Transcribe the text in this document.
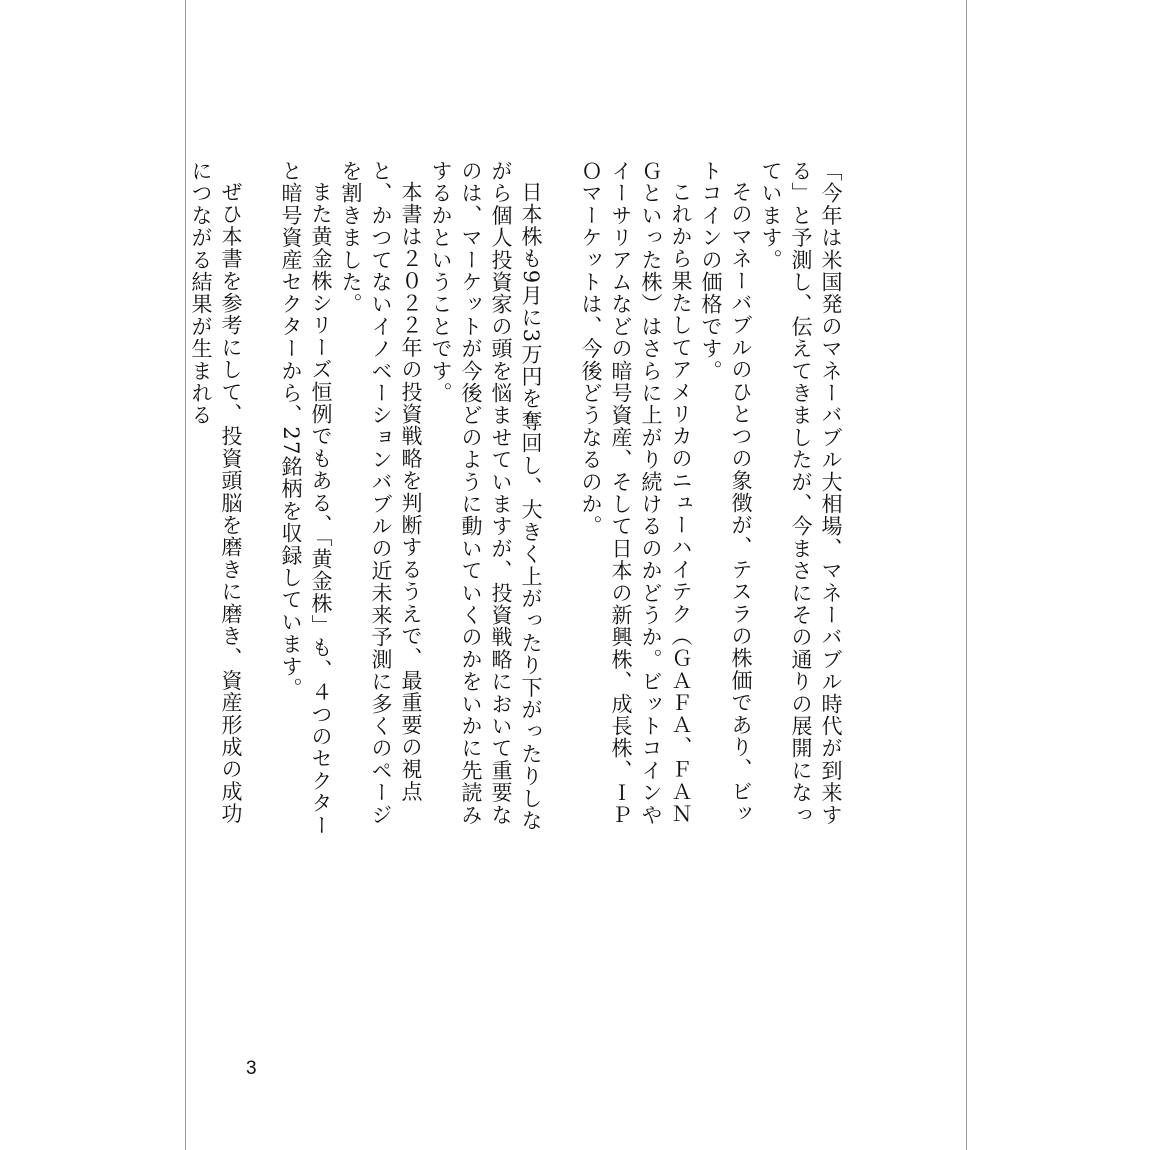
「今年は米国発のマネーバブル大相場、マネーバブル時代が到来する」と予測し、伝えてきましたが、今まさにその通りの展開になっています。

そのマネーバブルのひとつの象徴が、テスラの株価であり、ビットコインの価格です。

これから果たしてアメリカのニューハイテク（ＧＡＦＡ、ＦＡＮＧといった株）はさらに上がり続けるのかどうか。ビットコインやイーサリアムなどの暗号資産、そして日本の新興株、成長株、ＩＰＯマーケットは、今後どうなるのか。

日本株も9月に3万円を奪回し、大きく上がったり下がったりしながら個人投資家の頭を悩ませていますが、投資戦略において重要なのは、マーケットが今後どのように動いていくのかをいかに先読みするかということです。

本書は２０２２年の投資戦略を判断するうえで、最重要の視点と、かつてないイノベーションバブルの近未来予測に多くのページを割きました。

また黄金株シリーズ恒例でもある、「黄金株」も、４つのセクターと暗号資産セクターから、27銘柄を収録しています。

ぜひ本書を参考にして、投資頭脳を磨きに磨き、資産形成の成功につながる結果が生まれる

3
